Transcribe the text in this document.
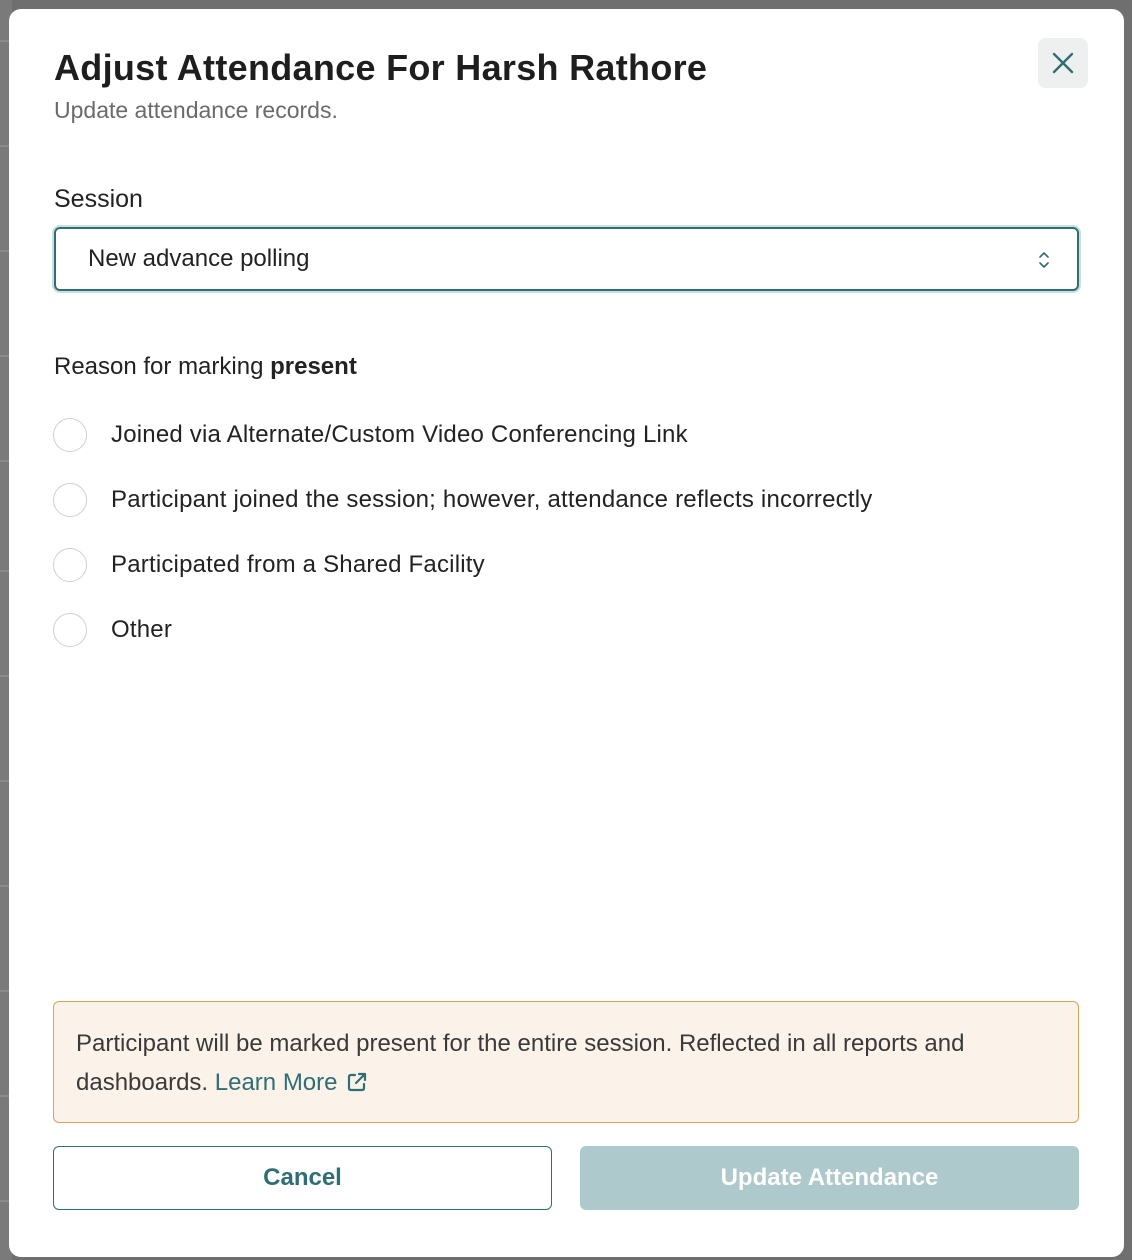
Adjust Attendance For Harsh Rathore
Update attendance records.
Session
New advance polling
Reason for marking present
Joined via Alternate/Custom Video Conferencing Link
Participant joined the session; however, attendance reflects incorrectly
Participated from a Shared Facility
Other
Participant will be marked present for the entire session. Reflected in all reports and dashboards. Learn More
Cancel	Update Attendance
